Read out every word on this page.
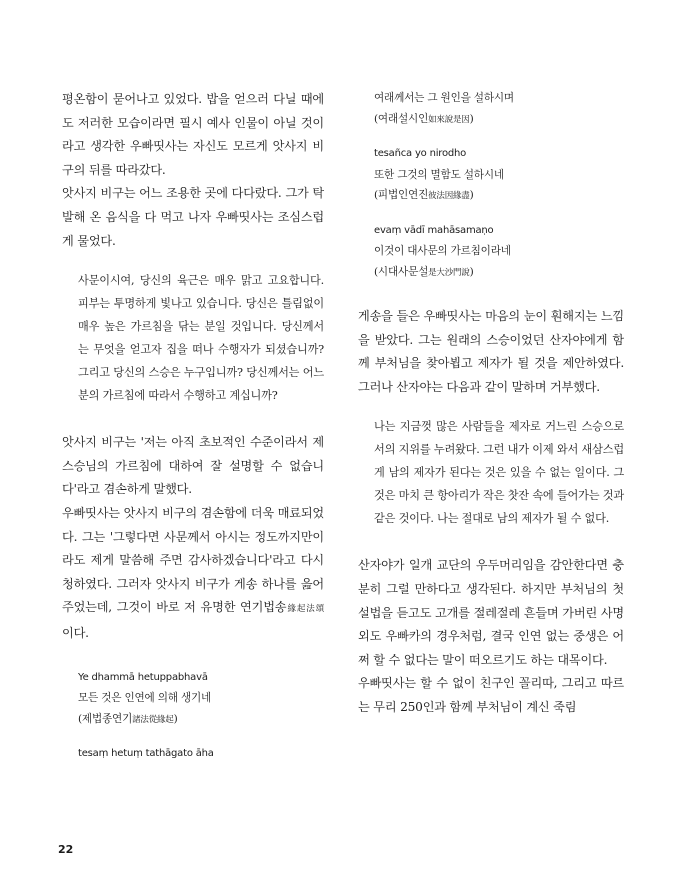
평온함이 묻어나고 있었다. 밥을 얻으러 다닐 때에도 저러한 모습이라면 필시 예사 인물이 아닐 것이라고 생각한 우빠띳사는 자신도 모르게 앗사지 비구의 뒤를 따라갔다.

앗사지 비구는 어느 조용한 곳에 다다랐다. 그가 탁발해 온 음식을 다 먹고 나자 우빠띳사는 조심스럽게 물었다.

사문이시여, 당신의 육근은 매우 맑고 고요합니다. 피부는 투명하게 빛나고 있습니다. 당신은 틀림없이 매우 높은 가르침을 닦는 분일 것입니다. 당신께서는 무엇을 얻고자 집을 떠나 수행자가 되셨습니까? 그리고 당신의 스승은 누구입니까? 당신께서는 어느 분의 가르침에 따라서 수행하고 계십니까?

앗사지 비구는 '저는 아직 초보적인 수준이라서 제 스승님의 가르침에 대하여 잘 설명할 수 없습니다'라고 겸손하게 말했다.

우빠띳사는 앗사지 비구의 겸손함에 더욱 매료되었다. 그는 '그렇다면 사문께서 아시는 정도까지만이라도 제게 말씀해 주면 감사하겠습니다'라고 다시 청하였다. 그러자 앗사지 비구가 게송 하나를 읊어 주었는데, 그것이 바로 저 유명한 연기법송緣起法頌이다.

Ye dhammā hetuppabhavā

모든 것은 인연에 의해 생기네

(제법종연기諸法從緣起)

tesaṃ hetuṃ tathāgato āha

여래께서는 그 원인을 설하시며

(여래설시인如來說是因)

tesañca yo nirodho

또한 그것의 멸함도 설하시네

(피법인연진彼法因緣盡)

evaṃ vādī mahāsamaṇo

이것이 대사문의 가르침이라네

(시대사문설是大沙門說)

게송을 들은 우빠띳사는 마음의 눈이 훤해지는 느낌을 받았다. 그는 원래의 스승이었던 산자야에게 함께 부처님을 찾아뵙고 제자가 될 것을 제안하였다. 그러나 산자야는 다음과 같이 말하며 거부했다.

나는 지금껏 많은 사람들을 제자로 거느린 스승으로서의 지위를 누려왔다. 그런 내가 이제 와서 새삼스럽게 남의 제자가 된다는 것은 있을 수 없는 일이다. 그것은 마치 큰 항아리가 작은 찻잔 속에 들어가는 것과 같은 것이다. 나는 절대로 남의 제자가 될 수 없다.

산자야가 일개 교단의 우두머리임을 감안한다면 충분히 그럴 만하다고 생각된다. 하지만 부처님의 첫 설법을 듣고도 고개를 절레절레 흔들며 가버린 사명외도 우빠카의 경우처럼, 결국 인연 없는 중생은 어쩌 할 수 없다는 말이 떠오르기도 하는 대목이다.

우빠띳사는 할 수 없이 친구인 꼴리따, 그리고 따르는 무리 250인과 함께 부처님이 계신 죽림

22
